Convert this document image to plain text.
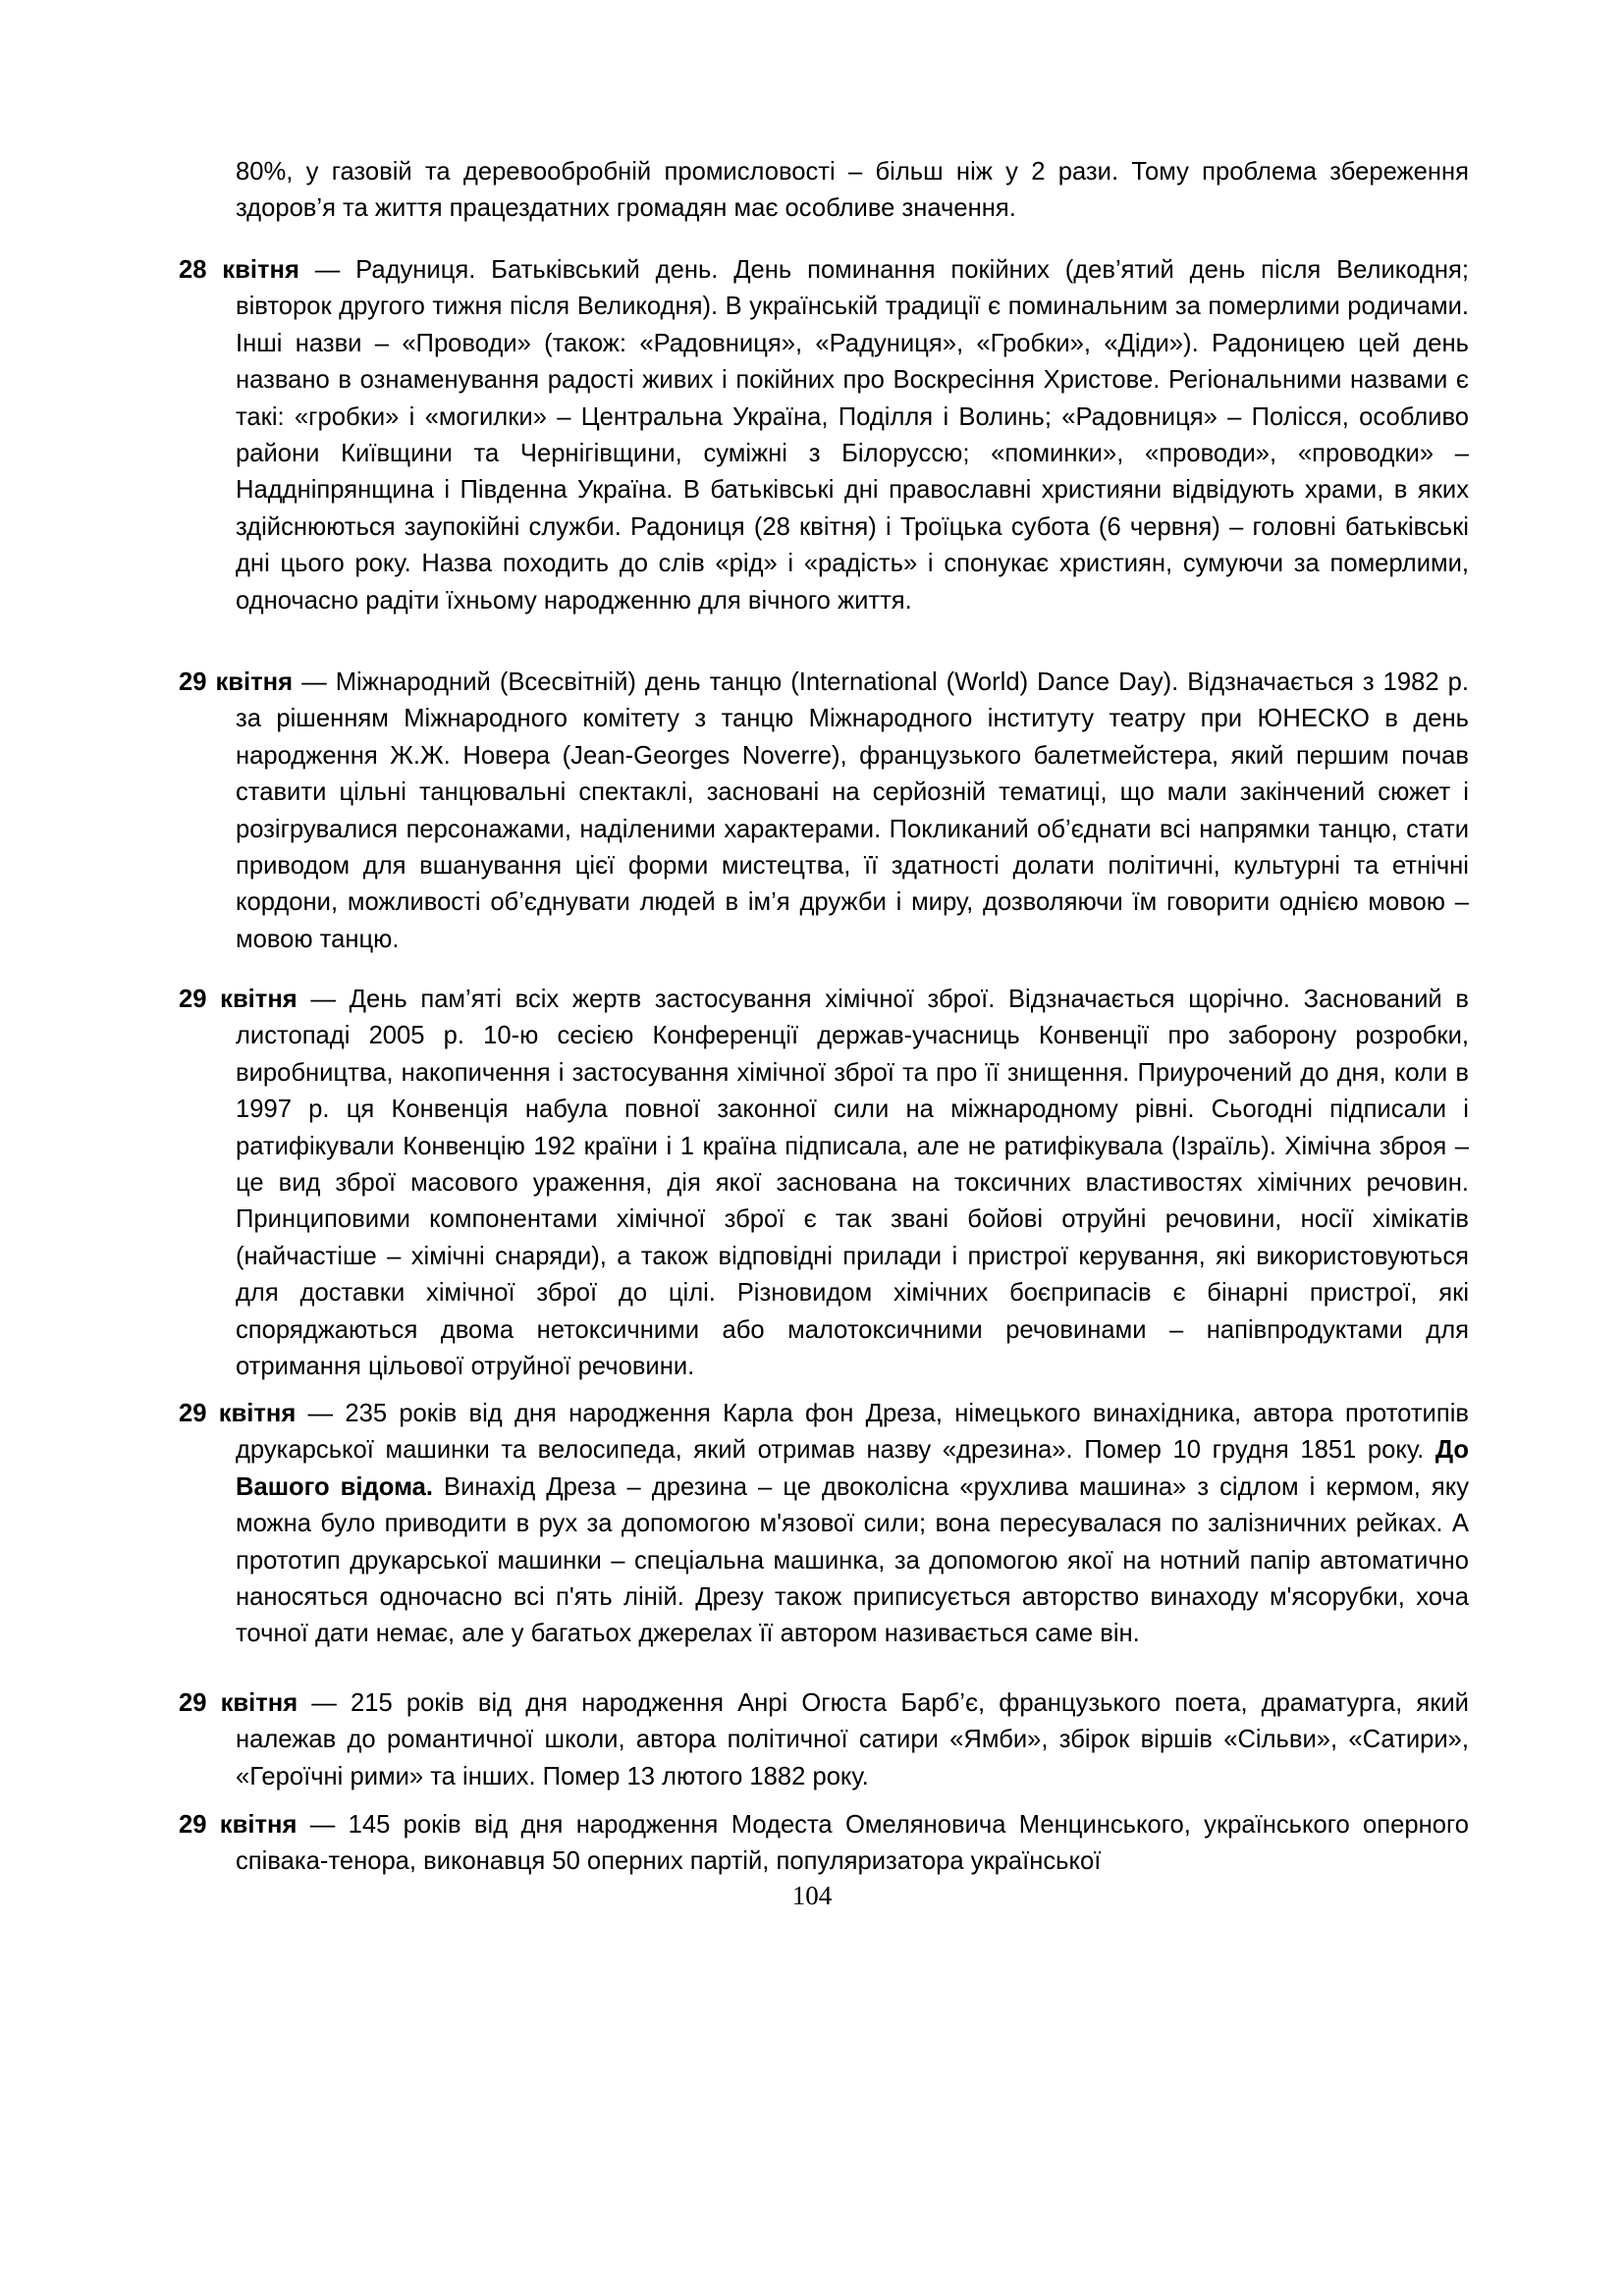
80%, у газовій та деревообробній промисловості – більш ніж у 2 рази. Тому проблема збереження здоров’я та життя працездатних громадян має особливе значення.
28 квітня — Радуниця. Батьківський день. День поминання покійних (дев’ятий день після Великодня; вівторок другого тижня після Великодня). В українській традиції є поминальним за померлими родичами. Інші назви – «Проводи» (також: «Радовниця», «Радуниця», «Гробки», «Діди»). Радоницею цей день названо в ознаменування радості живих і покійних про Воскресіння Христове. Регіональними назвами є такі: «гробки» і «могилки» – Центральна Україна, Поділля і Волинь; «Радовниця» – Полісся, особливо райони Київщини та Чернігівщини, суміжні з Білоруссю; «поминки», «проводи», «проводки» – Наддніпрянщина і Південна Україна. В батьківські дні православні християни відвідують храми, в яких здійснюються заупокійні служби. Радониця (28 квітня) і Троїцька субота (6 червня) – головні батьківські дні цього року. Назва походить до слів «рід» і «радість» і спонукає християн, сумуючи за померлими, одночасно радіти їхньому народженню для вічного життя.
29 квітня — Міжнародний (Всесвітній) день танцю (International (World) Dance Day). Відзначається з 1982 р. за рішенням Міжнародного комітету з танцю Міжнародного інституту театру при ЮНЕСКО в день народження Ж.Ж. Новера (Jean-Georges Noverre), французького балетмейстера, який першим почав ставити цільні танцювальні спектаклі, засновані на серйозній тематиці, що мали закінчений сюжет і розігрувалися персонажами, наділеними характерами. Покликаний об’єднати всі напрямки танцю, стати приводом для вшанування цієї форми мистецтва, її здатності долати політичні, культурні та етнічні кордони, можливості об’єднувати людей в ім’я дружби і миру, дозволяючи їм говорити однією мовою – мовою танцю.
29 квітня — День пам’яті всіх жертв застосування хімічної зброї. Відзначається щорічно. Заснований в листопаді 2005 р. 10-ю сесією Конференції держав-учасниць Конвенції про заборону розробки, виробництва, накопичення і застосування хімічної зброї та про її знищення. Приурочений до дня, коли в 1997 р. ця Конвенція набула повної законної сили на міжнародному рівні. Сьогодні підписали і ратифікували Конвенцію 192 країни і 1 країна підписала, але не ратифікувала (Ізраїль). Хімічна зброя – це вид зброї масового ураження, дія якої заснована на токсичних властивостях хімічних речовин. Принциповими компонентами хімічної зброї є так звані бойові отруйні речовини, носії хімікатів (найчастіше – хімічні снаряди), а також відповідні прилади і пристрої керування, які використовуються для доставки хімічної зброї до цілі. Різновидом хімічних боєприпасів є бінарні пристрої, які споряджаються двома нетоксичними або малотоксичними речовинами – напівпродуктами для отримання цільової отруйної речовини.
29 квітня — 235 років від дня народження Карла фон Дреза, німецького винахідника, автора прототипів друкарської машинки та велосипеда, який отримав назву «дрезина». Помер 10 грудня 1851 року. До Вашого відома. Винахід Дреза – дрезина – це двоколісна «рухлива машина» з сідлом і кермом, яку можна було приводити в рух за допомогою м'язової сили; вона пересувалася по залізничних рейках. А прототип друкарської машинки – спеціальна машинка, за допомогою якої на нотний папір автоматично наносяться одночасно всі п'ять ліній. Дрезу також приписується авторство винаходу м'ясорубки, хоча точної дати немає, але у багатьох джерелах її автором називається саме він.
29 квітня — 215 років від дня народження Анрі Огюста Барб’є, французького поета, драматурга, який належав до романтичної школи, автора політичної сатири «Ямби», збірок віршів «Сільви», «Сатири», «Героїчні рими» та інших. Помер 13 лютого 1882 року.
29 квітня — 145 років від дня народження Модеста Омеляновича Менцинського, українського оперного співака-тенора, виконавця 50 оперних партій, популяризатора української
104
